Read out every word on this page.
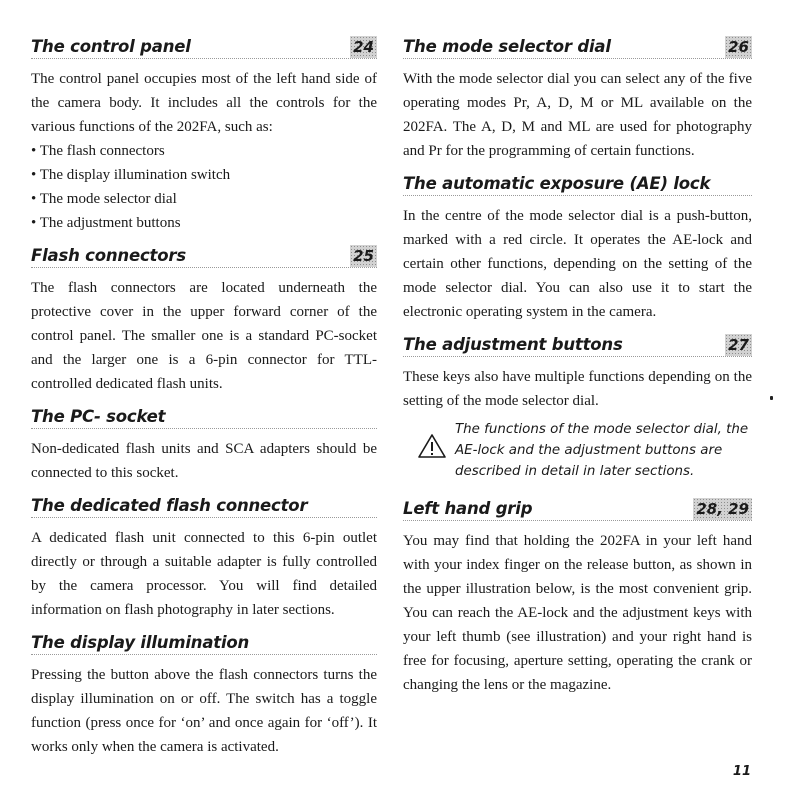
The control panel	24

The control panel occupies most of the left hand side of the camera body. It includes all the controls for the various functions of the 202FA, such as:

• The flash connectors
• The display illumination switch
• The mode selector dial
• The adjustment buttons
Flash connectors	25

The flash connectors are located underneath the protective cover in the upper forward corner of the control panel. The smaller one is a standard PC-socket and the larger one is a 6-pin connector for TTL-controlled dedicated flash units.

The PC- socket

Non-dedicated flash units and SCA adapters should be connected to this socket.

The dedicated flash connector

A dedicated flash unit connected to this 6-pin outlet directly or through a suitable adapter is fully controlled by the camera processor. You will find detailed information on flash photography in later sections.

The display illumination

Pressing the button above the flash connectors turns the display illumination on or off. The switch has a toggle function (press once for ‘on’ and once again for ‘off’). It works only when the camera is activated.

The mode selector dial	26

With the mode selector dial you can select any of the five operating modes Pr, A, D, M or ML available on the 202FA. The A, D, M and ML are used for photography and Pr for the programming of certain functions.

The automatic exposure (AE) lock

In the centre of the mode selector dial is a push-button, marked with a red circle. It operates the AE-lock and certain other functions, depending on the setting of the mode selector dial. You can also use it to start the electronic operating system in the camera.

The adjustment buttons	27

These keys also have multiple functions depending on the setting of the mode selector dial.

The functions of the mode selector dial, the AE-lock and the adjustment buttons are described in detail in later sections.

Left hand grip	28, 29

You may find that holding the 202FA in your left hand with your index finger on the release button, as shown in the upper illustration below, is the most convenient grip. You can reach the AE-lock and the adjustment keys with your left thumb (see illustration) and your right hand is free for focusing, aperture setting, operating the crank or changing the lens or the magazine.

11
